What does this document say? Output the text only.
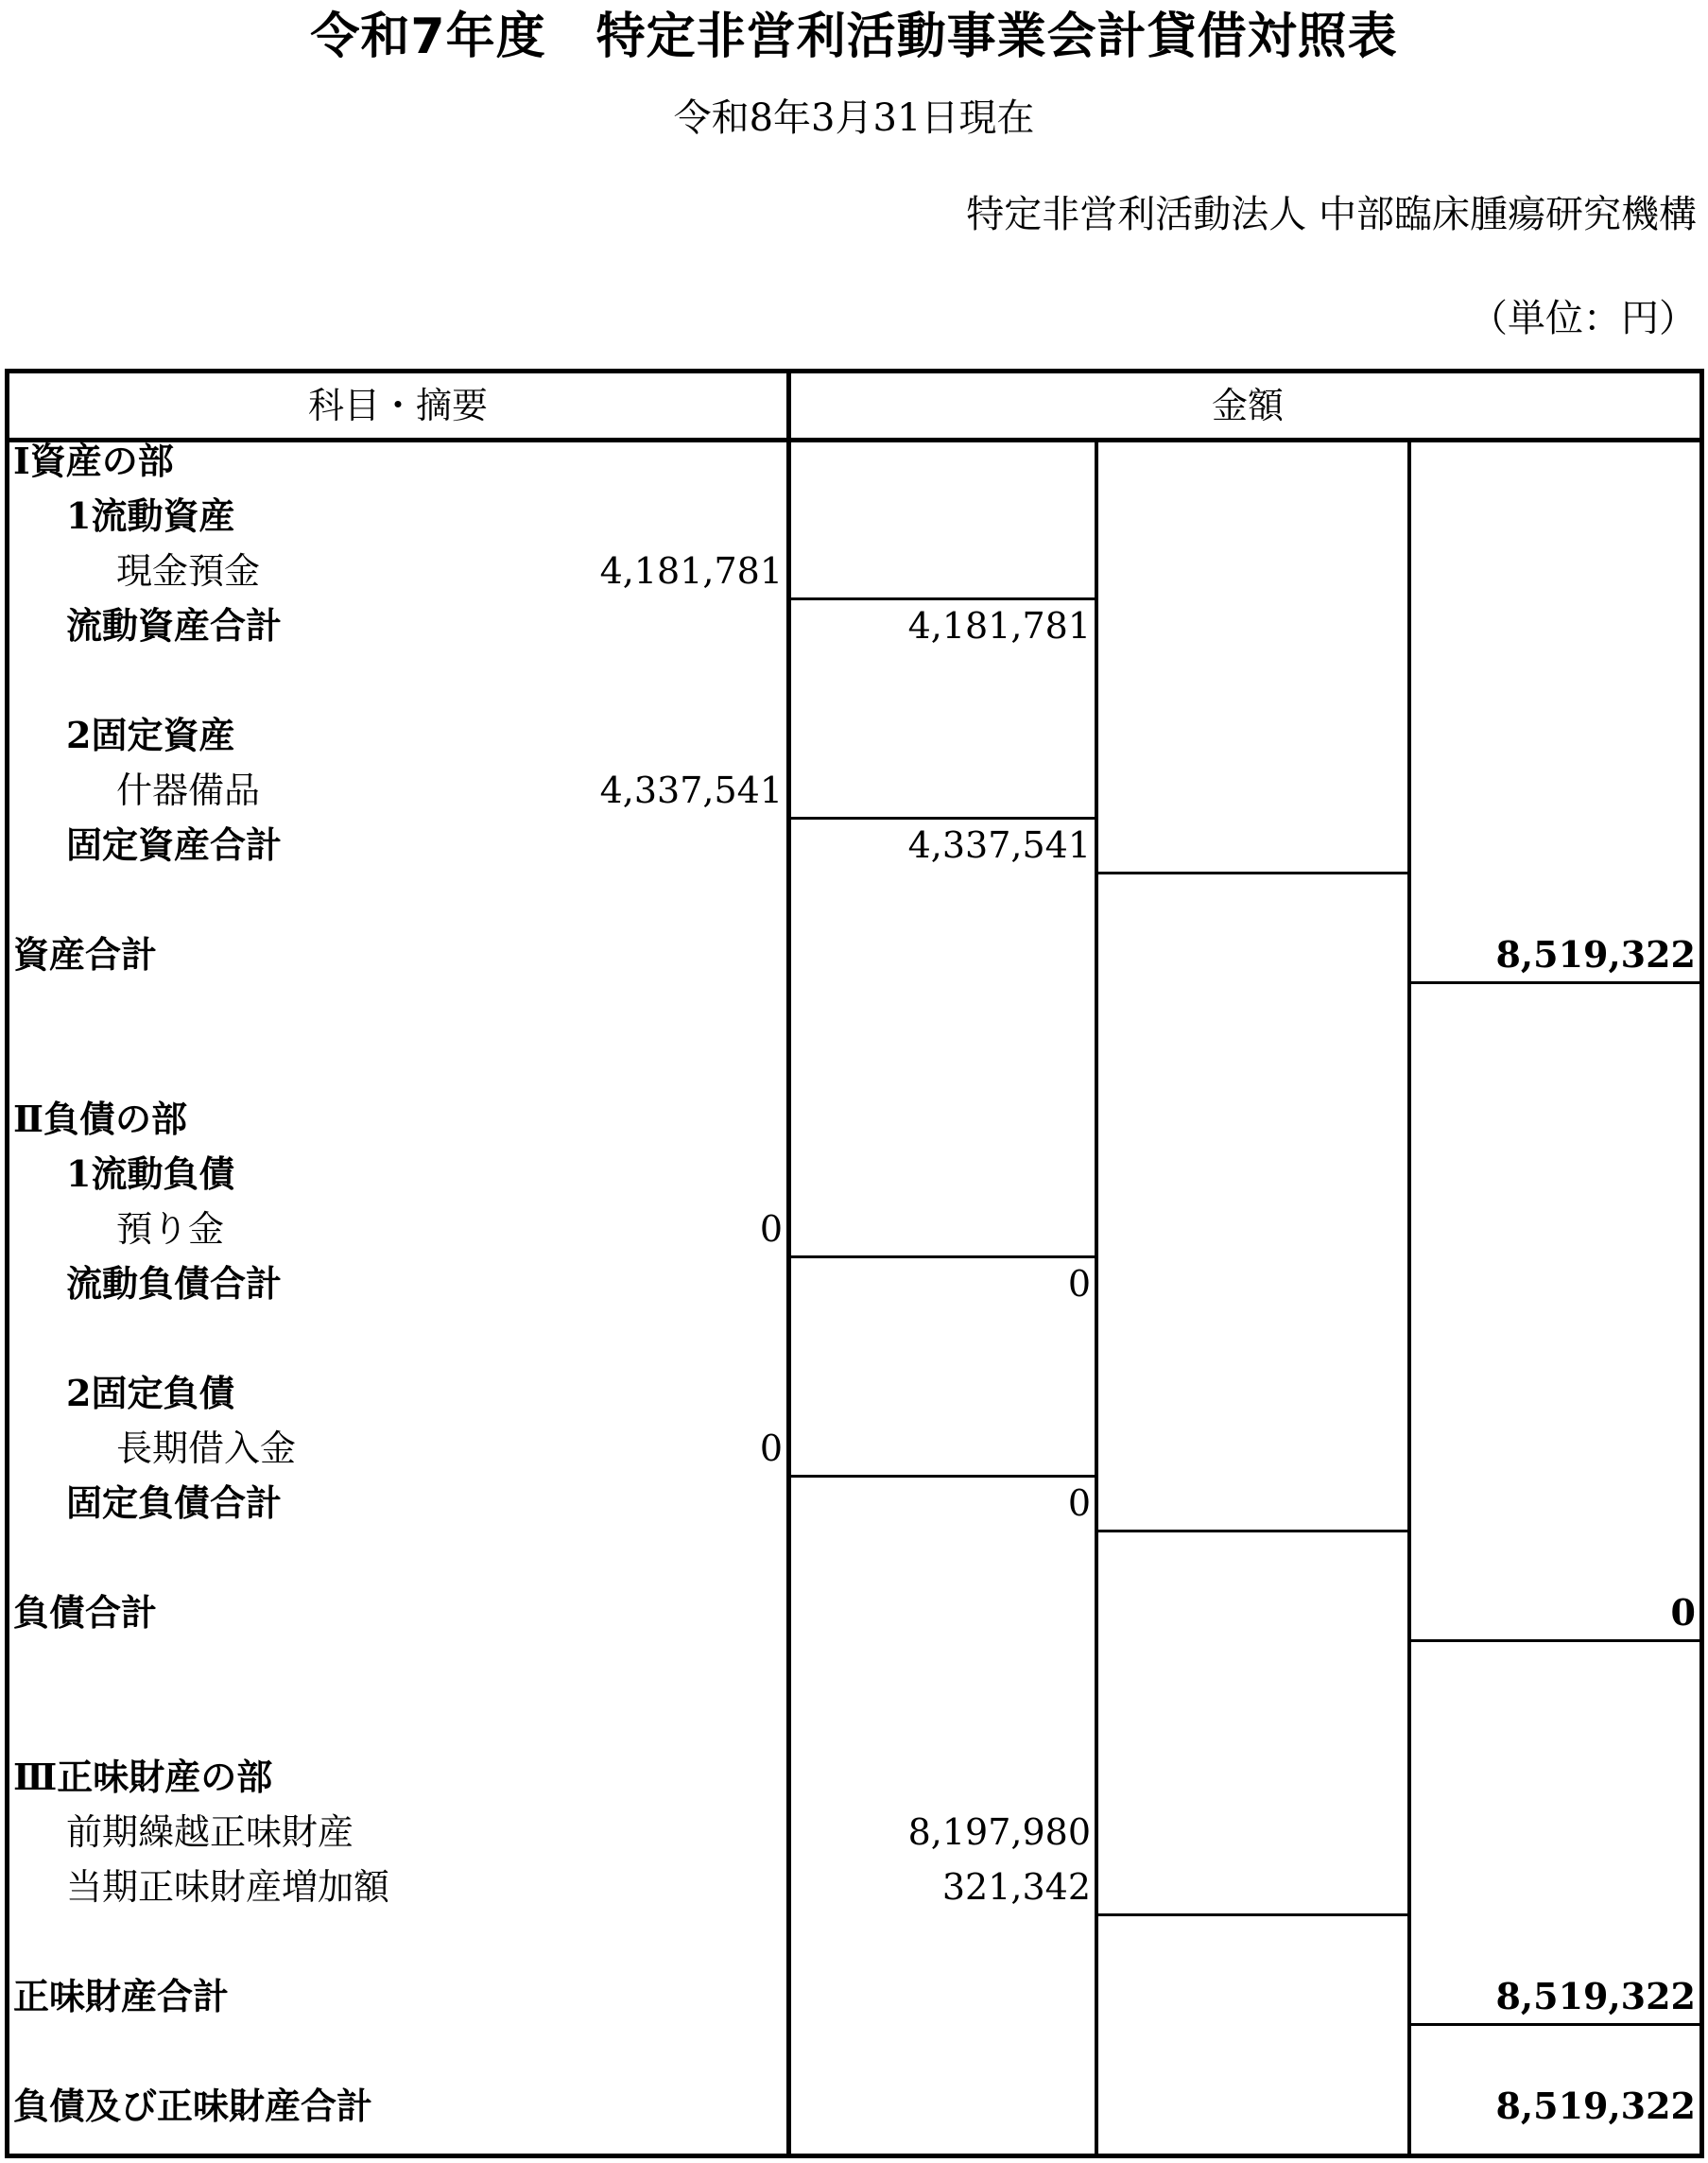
令和7年度　特定非営利活動事業会計貸借対照表
令和8年3月31日現在
特定非営利活動法人 中部臨床腫瘍研究機構
（単位：円）
科目・摘要	金額
I資産の部
1流動資産
現金預金	4,181,781
流動資産合計	4,181,781
2固定資産
什器備品	4,337,541
固定資産合計	4,337,541
資産合計	8,519,322
Ⅱ負債の部
1流動負債
預り金	0
流動負債合計	0
2固定負債
長期借入金	0
固定負債合計	0
負債合計	0
Ⅲ正味財産の部
前期繰越正味財産	8,197,980
当期正味財産増加額	321,342
正味財産合計	8,519,322
負債及び正味財産合計	8,519,322
